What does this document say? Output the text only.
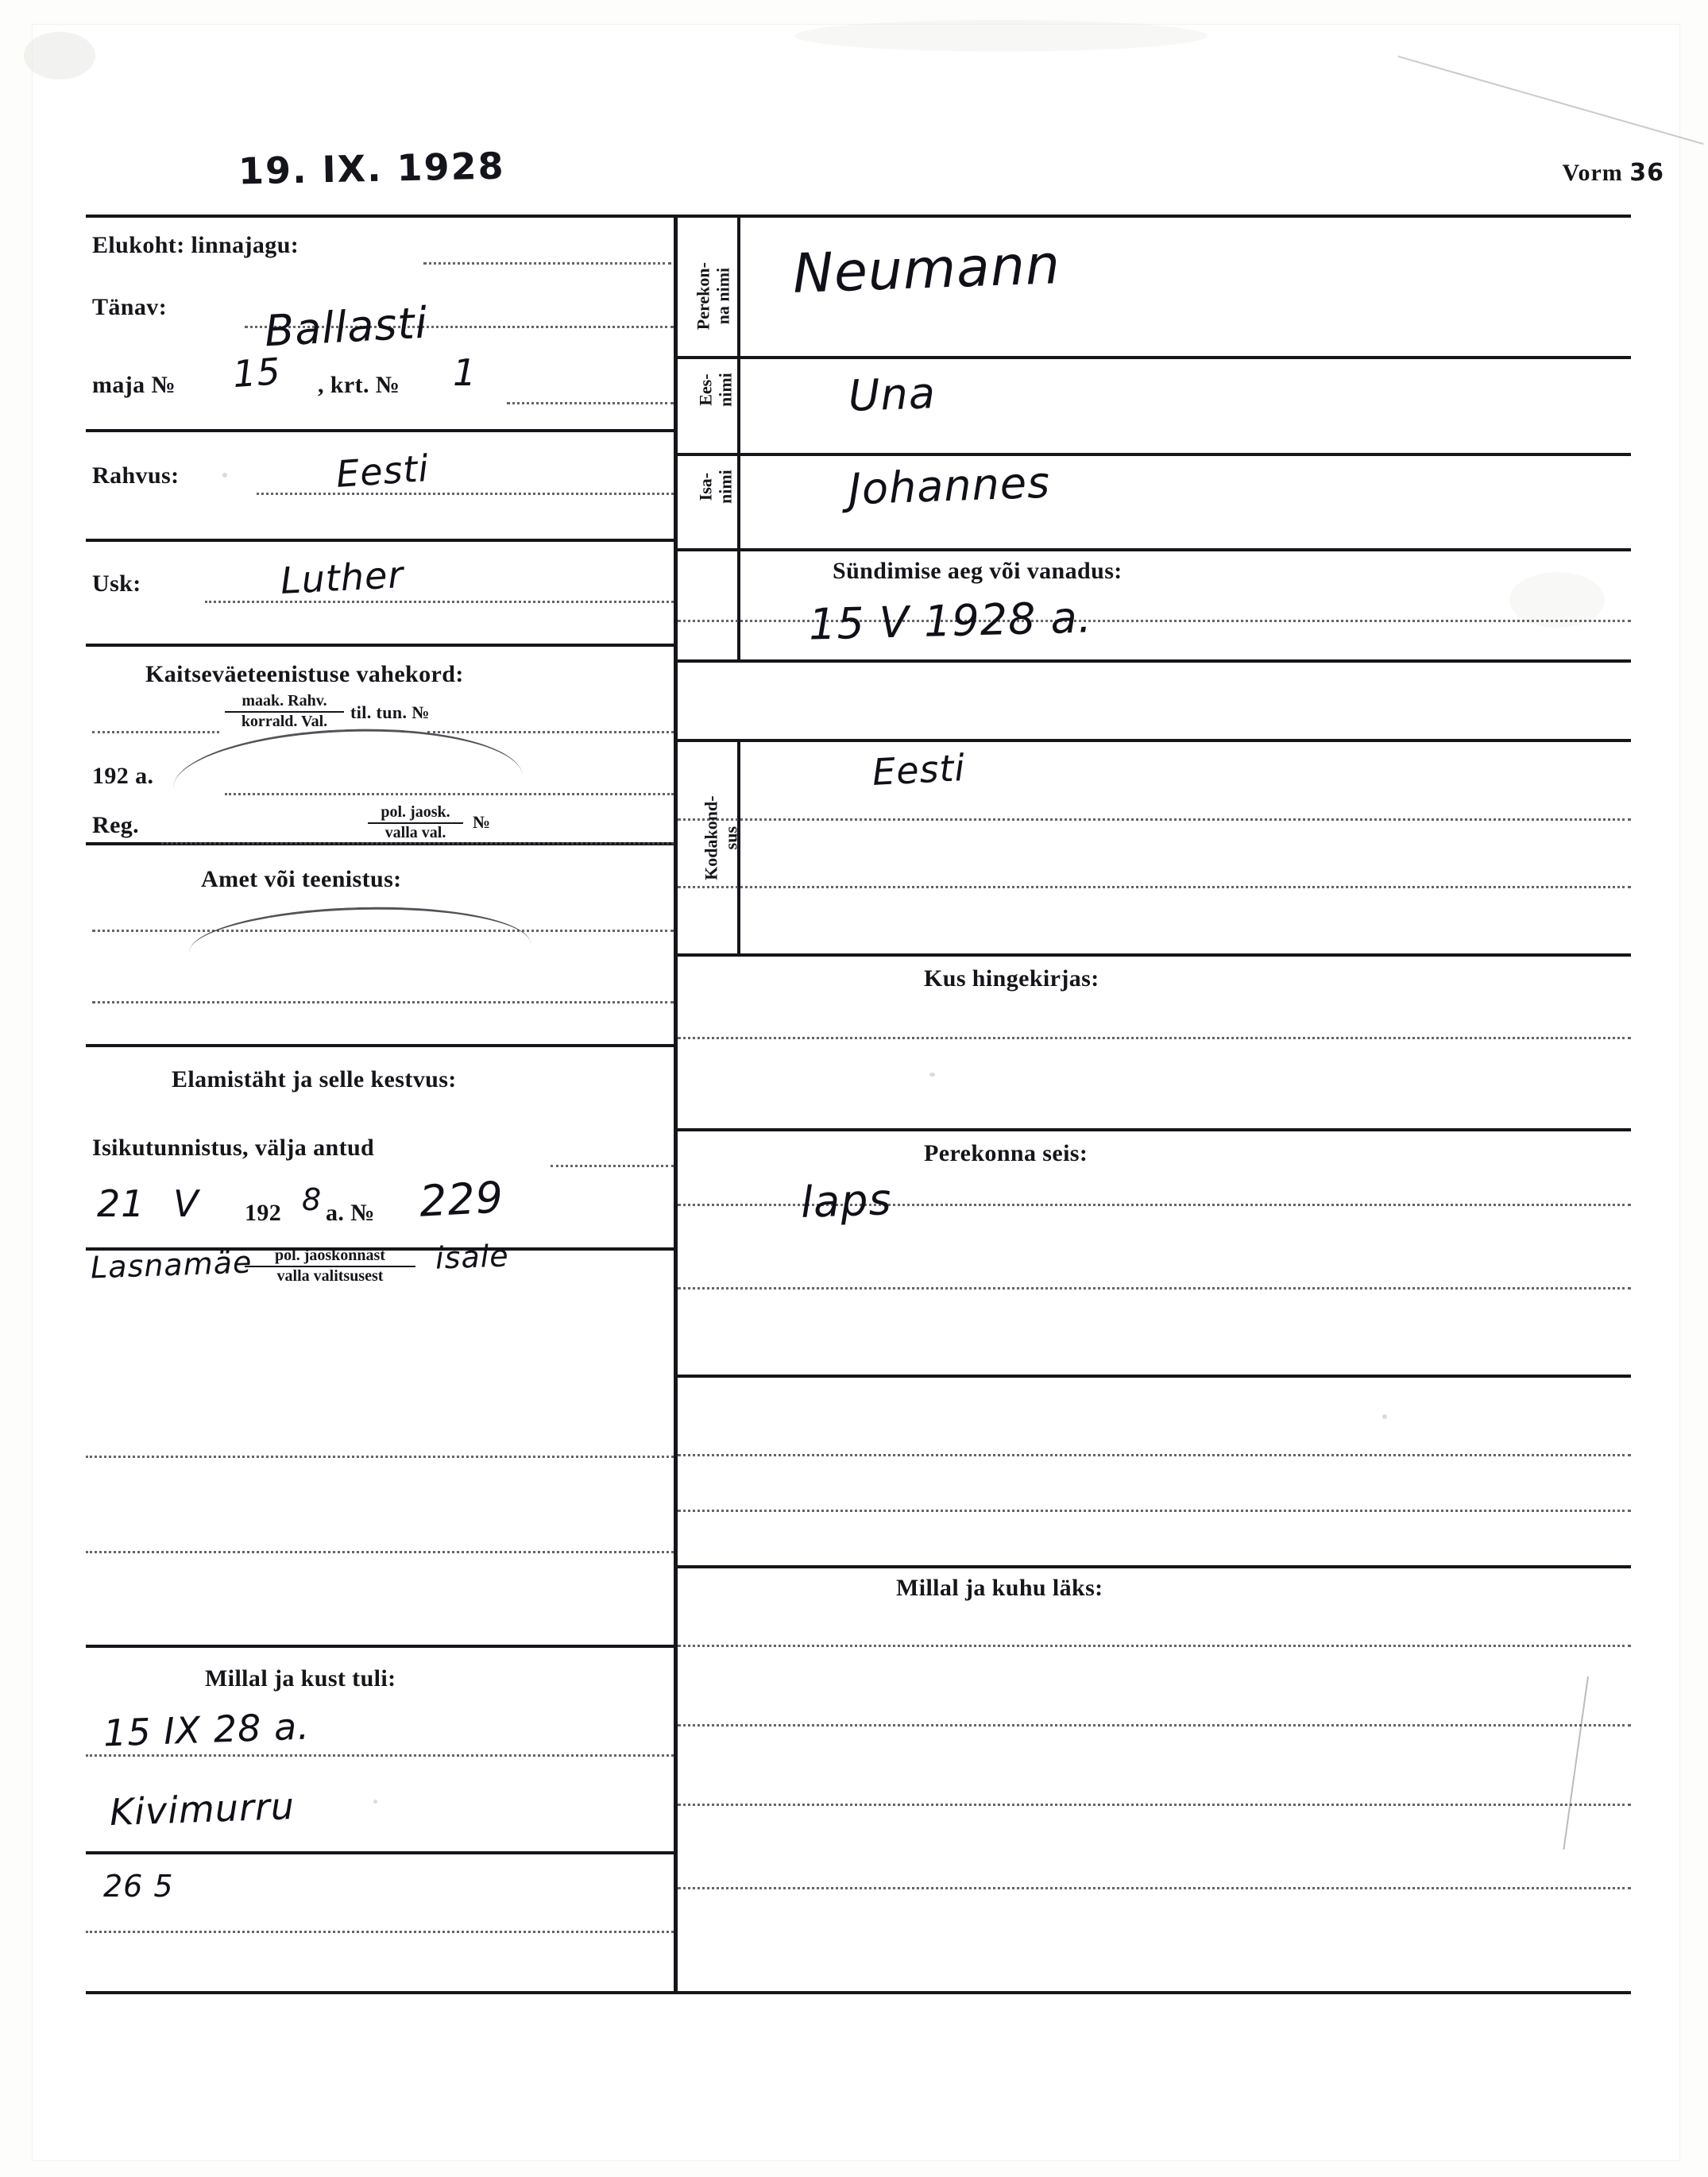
19. IX. 1928	Vorm 36
Elukoht: linnajagu:
Tänav: Ballasti
maja № 15 , krt. № 1
Rahvus:	Eesti
Usk:	Luther
Kaitseväeteenistuse vahekord:
maak. Rahv.
korrald. Val.	til. tun. №
192 a.
Reg.	pol. jaosk.
valla val.
№
Amet või teenistus:
Elamistäht ja selle kestvus:
Isikutunnistus, välja antud
21 V 192 8 a. № 229
Lasnamäe	pol. jaoskonnast
valla valitsusest	isale
Millal ja kust tuli:
15 IX 28 a.
Kivimurru
26 5
Perekon- na nimi Neumann
Ees- nimi	Una
Isa- nimi	Johannes
Sündimise aeg või vanadus:
15 V 1928 a.
Kodakond- sus
Eesti
Kus hingekirjas:
Perekonna seis:
laps
Millal ja kuhu läks:
